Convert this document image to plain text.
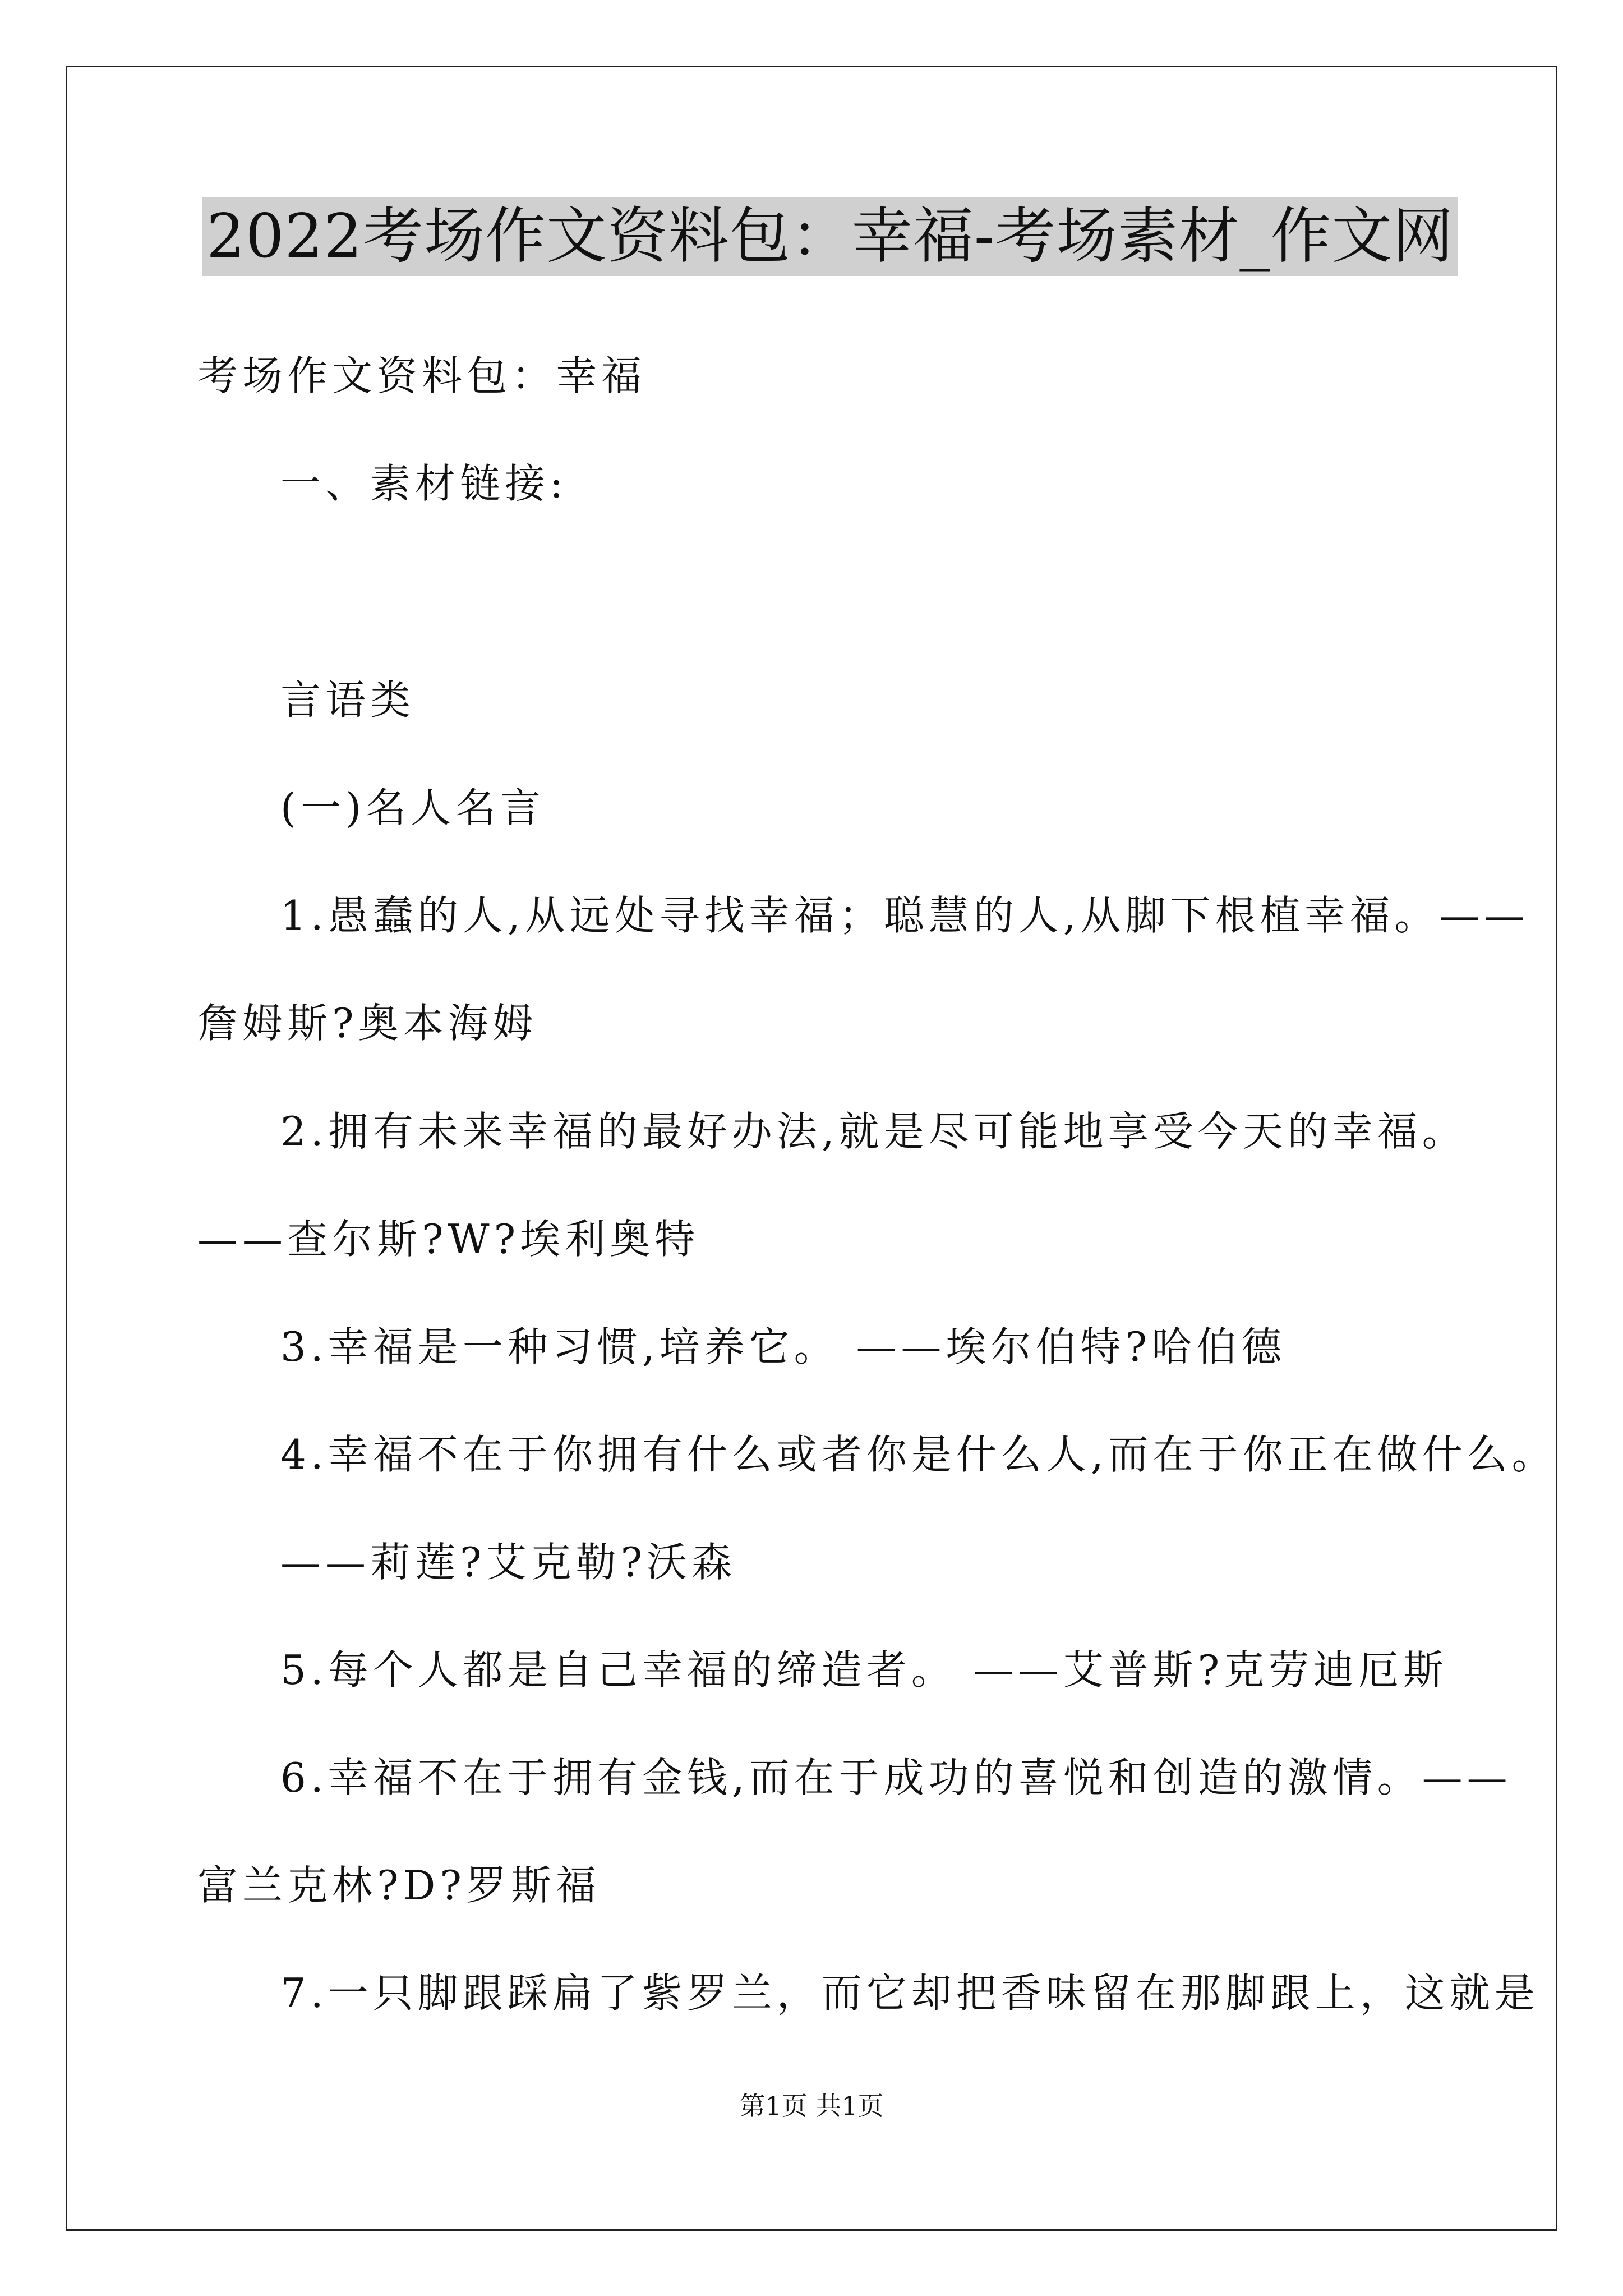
2022考场作文资料包：幸福-考场素材_作文网
考场作文资料包：幸福
一、素材链接:
言语类
(一)名人名言
1.愚蠢的人,从远处寻找幸福；聪慧的人,从脚下根植幸福。——
詹姆斯?奥本海姆
2.拥有未来幸福的最好办法,就是尽可能地享受今天的幸福。
——查尔斯?W?埃利奥特
3.幸福是一种习惯,培养它。 ——埃尔伯特?哈伯德
4.幸福不在于你拥有什么或者你是什么人,而在于你正在做什么。
——莉莲?艾克勒?沃森
5.每个人都是自己幸福的缔造者。 ——艾普斯?克劳迪厄斯
6.幸福不在于拥有金钱,而在于成功的喜悦和创造的激情。——
富兰克林?D?罗斯福
7.一只脚跟踩扁了紫罗兰，而它却把香味留在那脚跟上，这就是
第1页 共1页
